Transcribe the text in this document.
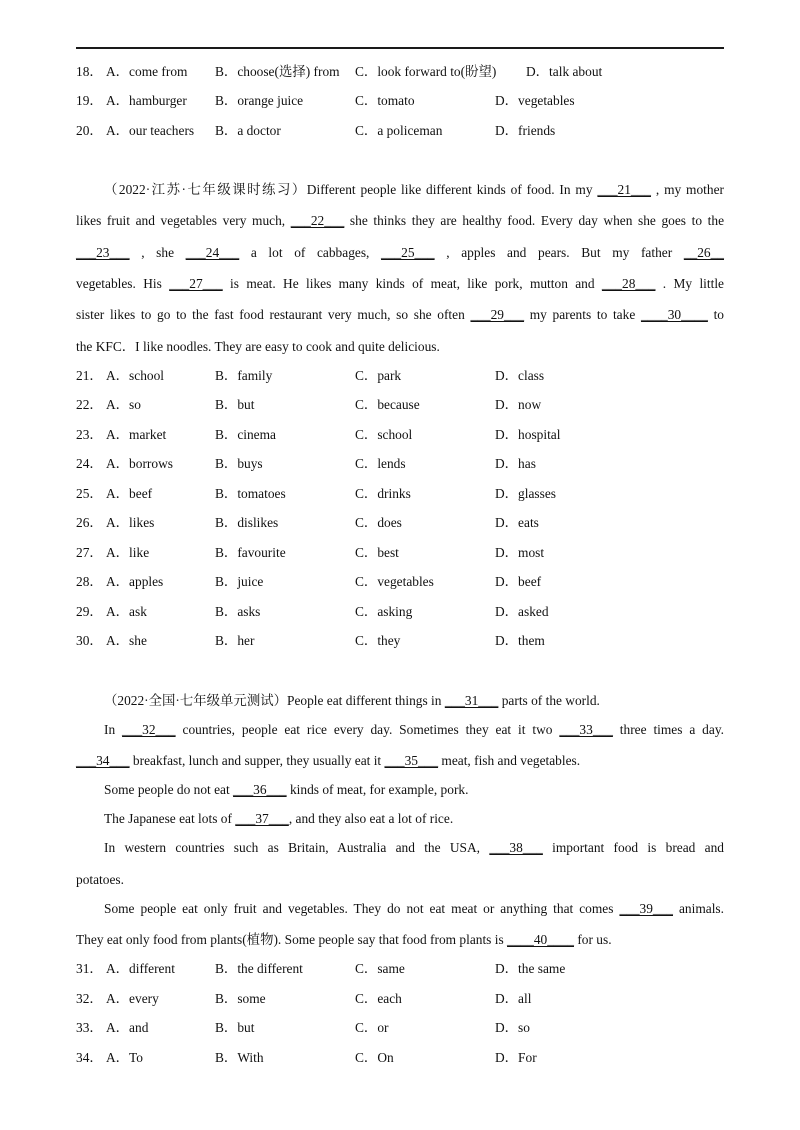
18． A．come from B．choose(选择) from C．look forward to(盼望) D．talk about
19． A．hamburger B．orange juice	C．tomato	D．vegetables
20． A．our teachers B．a doctor	C．a policeman	D．friends
（2022·江苏·七年级课时练习）Different people like different kinds of food. In my ___21___ , my mother
likes fruit and vegetables very much, ___22___ she thinks they are healthy food. Every day when she goes to the
___23___ , she ___24___ a lot of cabbages, ___25___ , apples and pears. But my father __26__
vegetables. His ___27___ is meat. He likes many kinds of meat, like pork, mutton and ___28___ . My little
sister likes to go to the fast food restaurant very much, so she often ___29___ my parents to take ____30____ to
the KFC．I like noodles. They are easy to cook and quite delicious.
21． A．school	B．family	C．park	D．class
22． A．so	B．but	C．because	D．now
23． A．market	B．cinema	C．school	D．hospital
24． A．borrows	B．buys	C．lends	D．has
25． A．beef	B．tomatoes	C．drinks	D．glasses
26． A．likes	B．dislikes	C．does	D．eats
27． A．like	B．favourite	C．best	D．most
28． A．apples	B．juice	C．vegetables	D．beef
29． A．ask	B．asks	C．asking	D．asked
30． A．she	B．her	C．they	D．them
（2022·全国·七年级单元测试）People eat different things in ___31___ parts of the world.
In ___32___ countries, people eat rice every day. Sometimes they eat it two ___33___ three times a day.
___34___ breakfast, lunch and supper, they usually eat it ___35___ meat, fish and vegetables.
Some people do not eat ___36___ kinds of meat, for example, pork.
The Japanese eat lots of ___37___, and they also eat a lot of rice.
In western countries such as Britain, Australia and the USA, ___38___ important food is bread and
potatoes.
Some people eat only fruit and vegetables. They do not eat meat or anything that comes ___39___ animals.
They eat only food from plants(植物). Some people say that food from plants is ____40____ for us.
31． A．different	B．the different	C．same	D．the same
32． A．every	B．some	C．each	D．all
33． A．and	B．but	C．or	D．so
34． A．To	B．With	C．On	D．For
